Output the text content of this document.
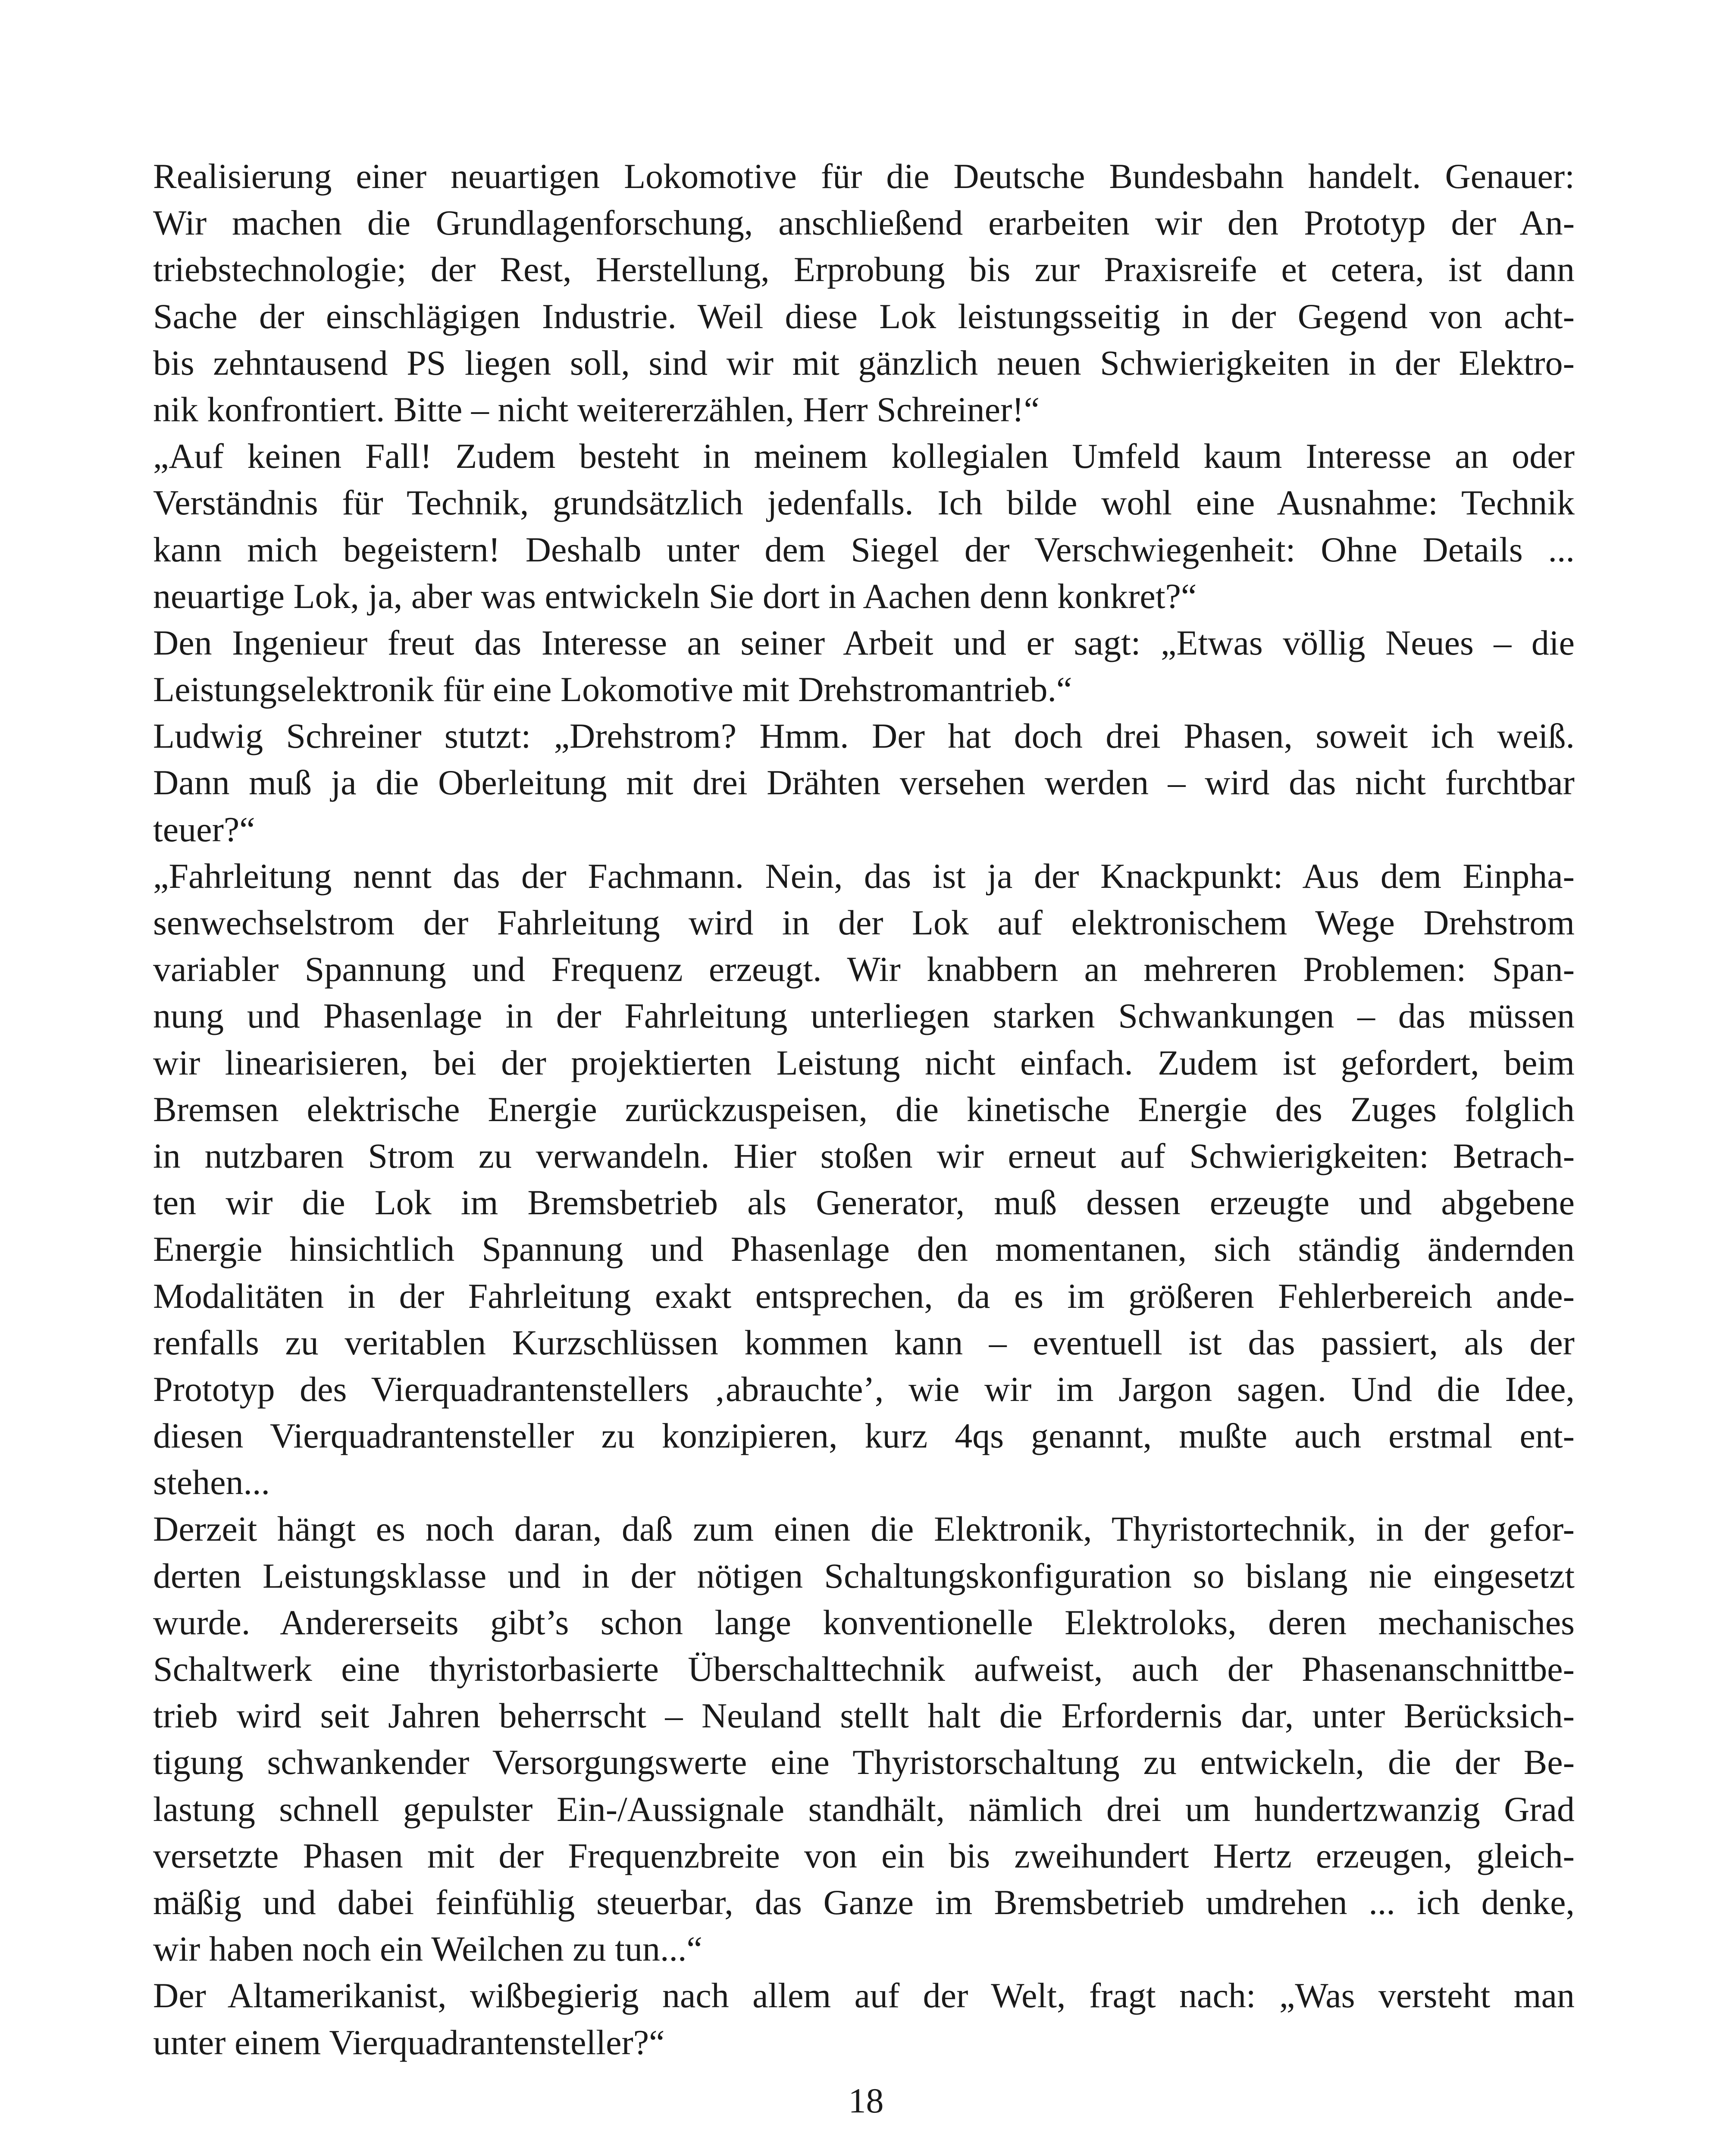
Realisierung einer neuartigen Lokomotive für die Deutsche Bundesbahn handelt. Genauer:
Wir machen die Grundlagenforschung, anschließend erarbeiten wir den Prototyp der An-
triebstechnologie; der Rest, Herstellung, Erprobung bis zur Praxisreife et cetera, ist dann
Sache der einschlägigen Industrie. Weil diese Lok leistungsseitig in der Gegend von acht-
bis zehntausend PS liegen soll, sind wir mit gänzlich neuen Schwierigkeiten in der Elektro-
nik konfrontiert. Bitte – nicht weitererzählen, Herr Schreiner!“
„Auf keinen Fall! Zudem besteht in meinem kollegialen Umfeld kaum Interesse an oder
Verständnis für Technik, grundsätzlich jedenfalls. Ich bilde wohl eine Ausnahme: Technik
kann mich begeistern! Deshalb unter dem Siegel der Verschwiegenheit: Ohne Details ...
neuartige Lok, ja, aber was entwickeln Sie dort in Aachen denn konkret?“
Den Ingenieur freut das Interesse an seiner Arbeit und er sagt: „Etwas völlig Neues – die
Leistungselektronik für eine Lokomotive mit Drehstromantrieb.“
Ludwig Schreiner stutzt: „Drehstrom? Hmm. Der hat doch drei Phasen, soweit ich weiß.
Dann muß ja die Oberleitung mit drei Drähten versehen werden – wird das nicht furchtbar
teuer?“
„Fahrleitung nennt das der Fachmann. Nein, das ist ja der Knackpunkt: Aus dem Einpha-
senwechselstrom der Fahrleitung wird in der Lok auf elektronischem Wege Drehstrom
variabler Spannung und Frequenz erzeugt. Wir knabbern an mehreren Problemen: Span-
nung und Phasenlage in der Fahrleitung unterliegen starken Schwankungen – das müssen
wir linearisieren, bei der projektierten Leistung nicht einfach. Zudem ist gefordert, beim
Bremsen elektrische Energie zurückzuspeisen, die kinetische Energie des Zuges folglich
in nutzbaren Strom zu verwandeln. Hier stoßen wir erneut auf Schwierigkeiten: Betrach-
ten wir die Lok im Bremsbetrieb als Generator, muß dessen erzeugte und abgebene
Energie hinsichtlich Spannung und Phasenlage den momentanen, sich ständig ändernden
Modalitäten in der Fahrleitung exakt entsprechen, da es im größeren Fehlerbereich ande-
renfalls zu veritablen Kurzschlüssen kommen kann – eventuell ist das passiert, als der
Prototyp des Vierquadrantenstellers ‚abrauchte’, wie wir im Jargon sagen. Und die Idee,
diesen Vierquadrantensteller zu konzipieren, kurz 4qs genannt, mußte auch erstmal ent-
stehen...
Derzeit hängt es noch daran, daß zum einen die Elektronik, Thyristortechnik, in der gefor-
derten Leistungsklasse und in der nötigen Schaltungskonfiguration so bislang nie eingesetzt
wurde. Andererseits gibt’s schon lange konventionelle Elektroloks, deren mechanisches
Schaltwerk eine thyristorbasierte Überschalttechnik aufweist, auch der Phasenanschnittbe-
trieb wird seit Jahren beherrscht – Neuland stellt halt die Erfordernis dar, unter Berücksich-
tigung schwankender Versorgungswerte eine Thyristorschaltung zu entwickeln, die der Be-
lastung schnell gepulster Ein-/Aussignale standhält, nämlich drei um hundertzwanzig Grad
versetzte Phasen mit der Frequenzbreite von ein bis zweihundert Hertz erzeugen, gleich-
mäßig und dabei feinfühlig steuerbar, das Ganze im Bremsbetrieb umdrehen ... ich denke,
wir haben noch ein Weilchen zu tun...“
Der Altamerikanist, wißbegierig nach allem auf der Welt, fragt nach: „Was versteht man
unter einem Vierquadrantensteller?“
18
